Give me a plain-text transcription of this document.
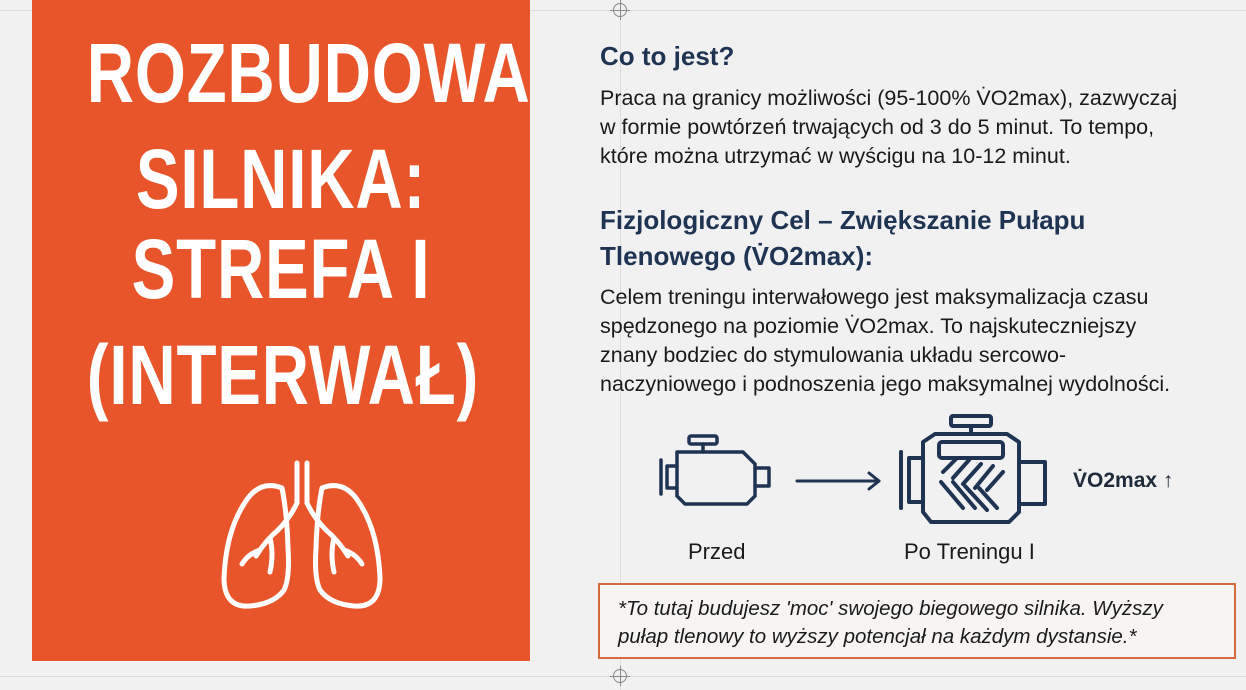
ROZBUDOWA
SILNIKA:
STREFA I
(INTERWAŁ)
Co to jest?
Praca na granicy możliwości (95-100% V̇O2max), zazwyczaj
w formie powtórzeń trwających od 3 do 5 minut. To tempo,
które można utrzymać w wyścigu na 10-12 minut.
Fizjologiczny Cel – Zwiększanie Pułapu
Tlenowego (V̇O2max):
Celem treningu interwałowego jest maksymalizacja czasu
spędzonego na poziomie V̇O2max. To najskuteczniejszy
znany bodziec do stymulowania układu sercowo-
naczyniowego i podnoszenia jego maksymalnej wydolności.
V̇O2max ↑
Przed	Po Treningu I
*To tutaj budujesz 'moc' swojego biegowego silnika. Wyższy
pułap tlenowy to wyższy potencjał na każdym dystansie.*
